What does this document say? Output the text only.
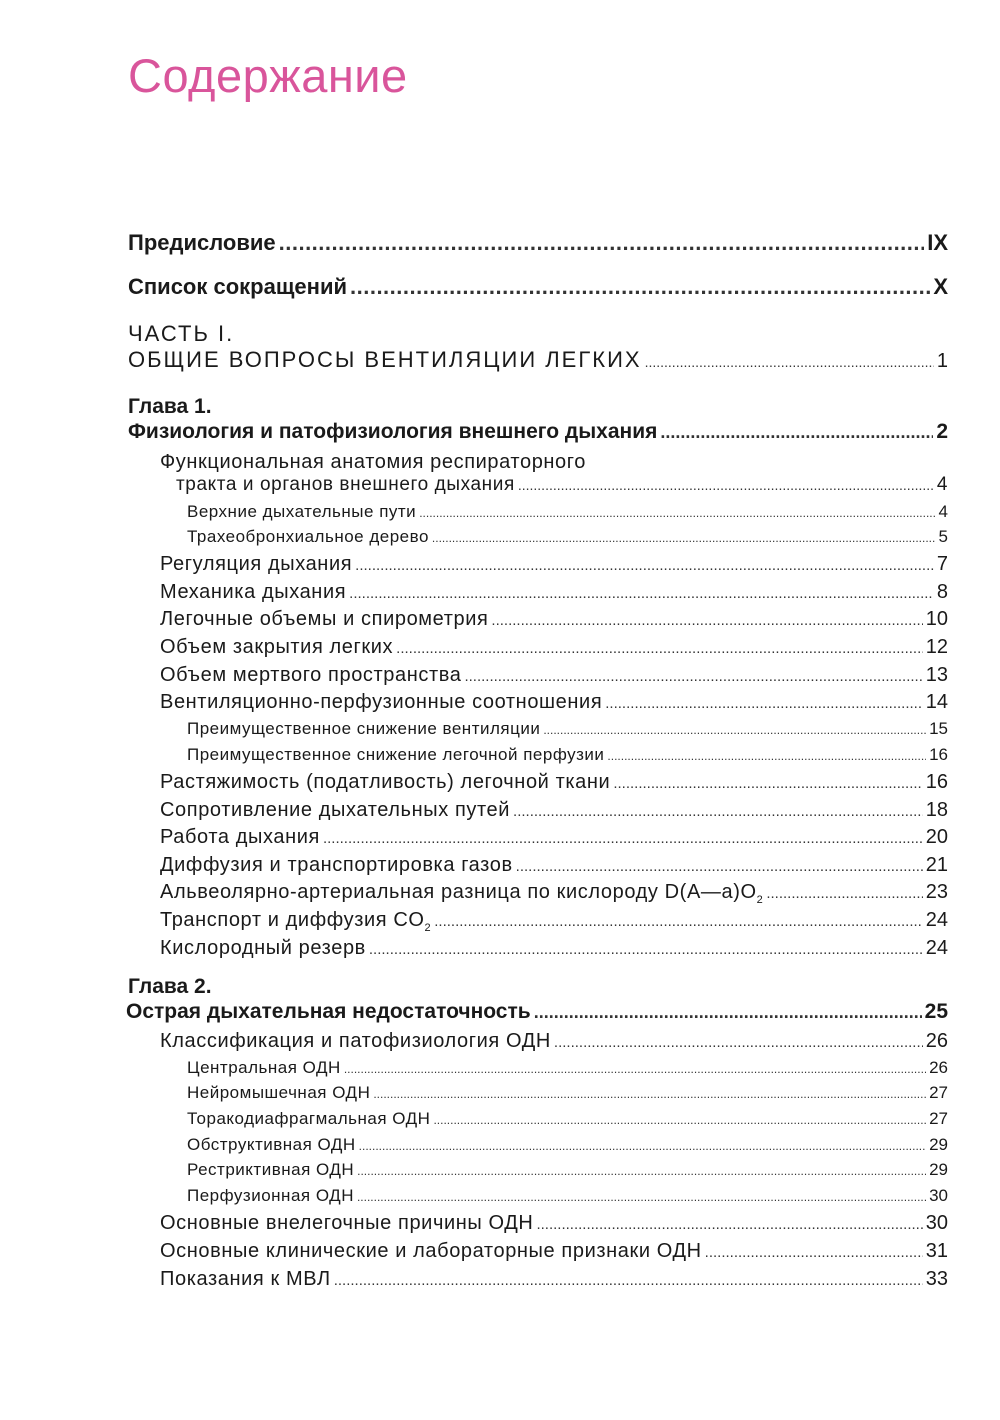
Содержание
Предисловие .....	IX
Список сокращений .....	X
ЧАСТЬ I.
ОБЩИЕ ВОПРОСЫ ВЕНТИЛЯЦИИ ЛЕГКИХ .....	1
Глава 1.
Физиология и патофизиология внешнего дыхания .....	2
Функциональная анатомия респираторного
тракта и органов внешнего дыхания .....	4
Верхние дыхательные пути .....	4
Трахеобронхиальное дерево .....	5
Регуляция дыхания .....	7
Механика дыхания .....	8
Легочные объемы и спирометрия .....	10
Объем закрытия легких .....	12
Объем мертвого пространства .....	13
Вентиляционно-перфузионные соотношения .....	14
Преимущественное снижение вентиляции .....	15
Преимущественное снижение легочной перфузии .....	16
Растяжимость (податливость) легочной ткани .....	16
Сопротивление дыхательных путей .....	18
Работа дыхания .....	20
Диффузия и транспортировка газов .....	21
Альвеолярно-артериальная разница по кислороду $D(A—a)O_2$ .....	23
Транспорт и диффузия $CO_2$ .....	24
Кислородный резерв .....	24
Глава 2.
Острая дыхательная недостаточность .....	25
Классификация и патофизиология ОДН .....	26
Центральная ОДН .....	26
Нейромышечная ОДН .....	27
Торакодиафрагмальная ОДН .....	27
Обструктивная ОДН .....	29
Рестриктивная ОДН .....	29
Перфузионная ОДН .....	30
Основные внелегочные причины ОДН .....	30
Основные клинические и лабораторные признаки ОДН .....	31
Показания к МВЛ .....	33
